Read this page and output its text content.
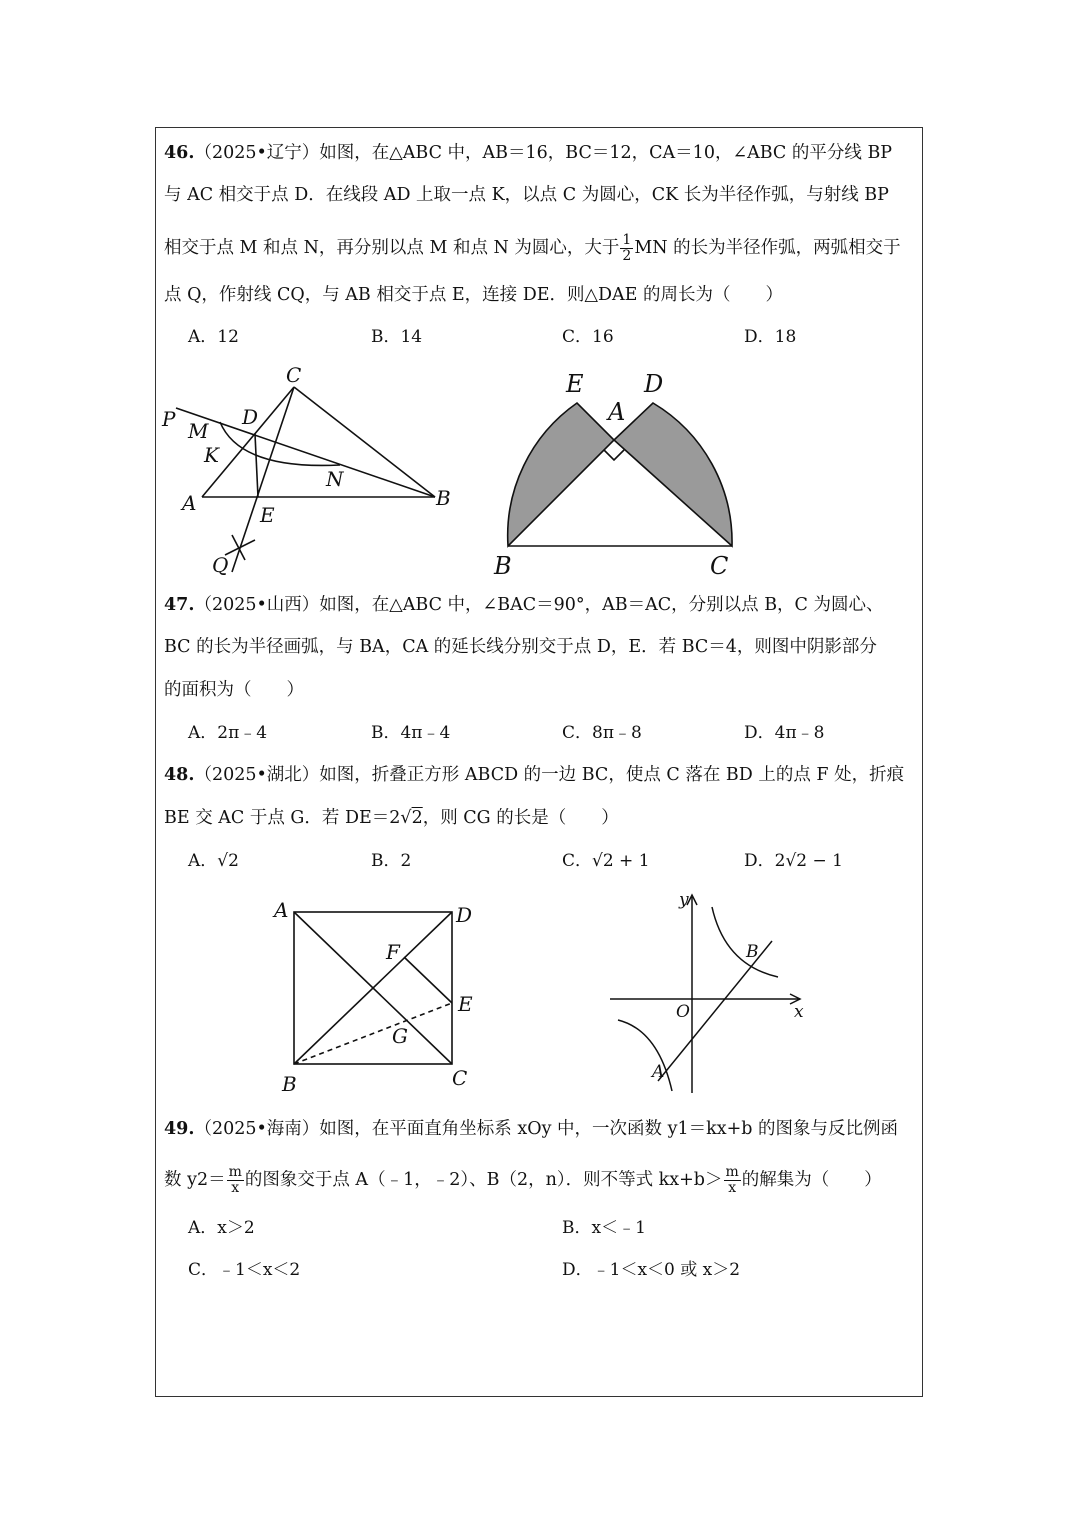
46.（2025•辽宁）如图，在△ABC 中，AB＝16，BC＝12，CA＝10，∠ABC 的平分线 BP
与 AC 相交于点 D．在线段 AD 上取一点 K，以点 C 为圆心，CK 长为半径作弧，与射线 BP
相交于点 M 和点 N，再分别以点 M 和点 N 为圆心，大于 $\frac{1}{2}$ MN 的长为半径作弧，两弧相交于
点 Q，作射线 CQ，与 AB 相交于点 E，连接 DE．则△DAE 的周长为（　　）
A．12	B．14	C．16	D．18
C
P	D
M
K
N
A	E
B
Q
E
A
D
B	C
47.（2025•山西）如图，在△ABC 中，∠BAC＝90°，AB＝AC，分别以点 B，C 为圆心、
BC 的长为半径画弧，与 BA，CA 的延长线分别交于点 D，E．若 BC＝4，则图中阴影部分
的面积为（　　）
A．2π﹣4	B．4π﹣4	C．8π﹣8	D．4π﹣8
48.（2025•湖北）如图，折叠正方形 ABCD 的一边 BC，使点 C 落在 BD 上的点 F 处，折痕
BE 交 AC 于点 G．若 DE＝2√2，则 CG 的长是（　　）
A．√2	B．2	C．√2 + 1	D．2√2 − 1
A	D
F
E
G
B	C
y
x
O
A
B
49.（2025•海南）如图，在平面直角坐标系 xOy 中，一次函数 y1＝kx+b 的图象与反比例函
数 $y2= \frac{m}{x}$ 的图象交于点 A（﹣1，﹣2）、B（2，n）．则不等式 $kx+b> \frac{m}{x}$ 的解集为（　　）
A．x＞2	B．x＜﹣1
C．﹣1＜x＜2	D．﹣1＜x＜0 或 x＞2
